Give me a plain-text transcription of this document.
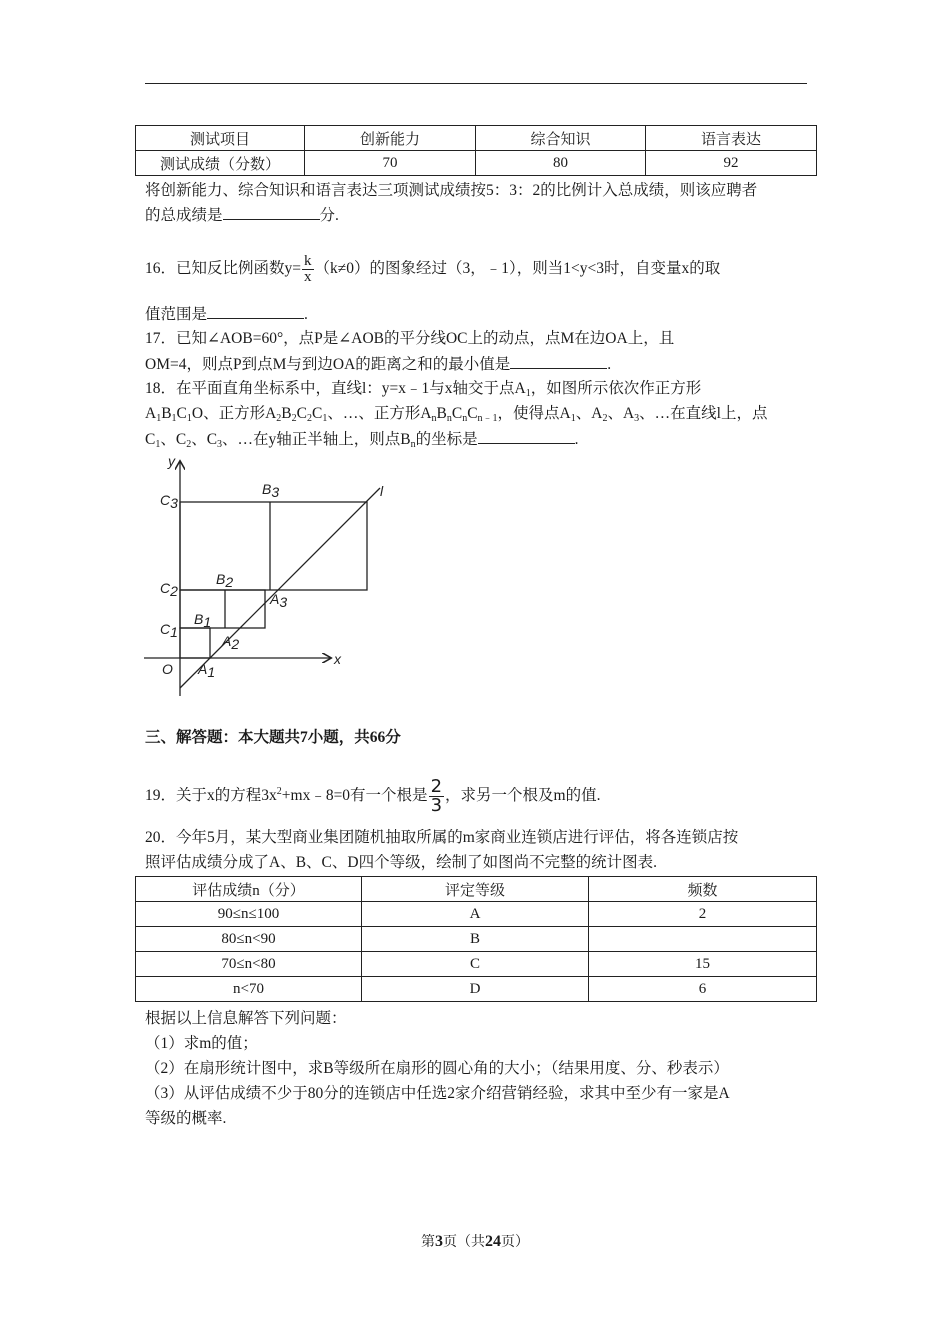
测试项目	创新能力	综合知识	语言表达
测试成绩（分数）	70	80	92
将创新能力、综合知识和语言表达三项测试成绩按5：3：2的比例计入总成绩，则该应聘者
的总成绩是	分.
16．已知反比例函数$y= \frac{k}{x} (k\ne 0)$的图象经过（3，﹣1），则当1<y<3时，自变量x的取
值范围是	.
17．已知∠AOB=60°，点P是∠AOB的平分线OC上的动点，点M在边OA上，且
OM=4，则点P到点M与到边OA的距离之和的最小值是	.
18．在平面直角坐标系中，直线l：y=x﹣1与x轴交于点$A_1$，如图所示依次作正方形
$A_1B_1C_1O$、正方形$A_2B_2C_2C_1$、…、正方形$A_nB_nC_nC_{n﹣1}$，使得点$A_1$、$A_2$、$A_3$、…在直线l上，点
$C_1$、$C_2$、$C_3$、…在y轴正半轴上，则点$B_n$的坐标是	.
y
x
l
O
C3
C2
C1
B3
B2
B1
A3
A2
A1
三、解答题：本大题共7小题，共66分
19．关于x的方程$3x^2+mx﹣8=0$有一个根是 $\frac{2}{3}$ ，求另一个根及m的值.
20．今年5月，某大型商业集团随机抽取所属的m家商业连锁店进行评估，将各连锁店按
照评估成绩分成了A、B、C、D四个等级，绘制了如图尚不完整的统计图表.
评估成绩n（分）	评定等级	频数
90≤n≤100	A	2
80≤n<90	B	
70≤n<80	C	15
n<70	D	6
根据以上信息解答下列问题：
（1）求m的值；
（2）在扇形统计图中，求B等级所在扇形的圆心角的大小；（结果用度、分、秒表示）
（3）从评估成绩不少于80分的连锁店中任选2家介绍营销经验，求其中至少有一家是A
等级的概率.
第3页（共24页）
